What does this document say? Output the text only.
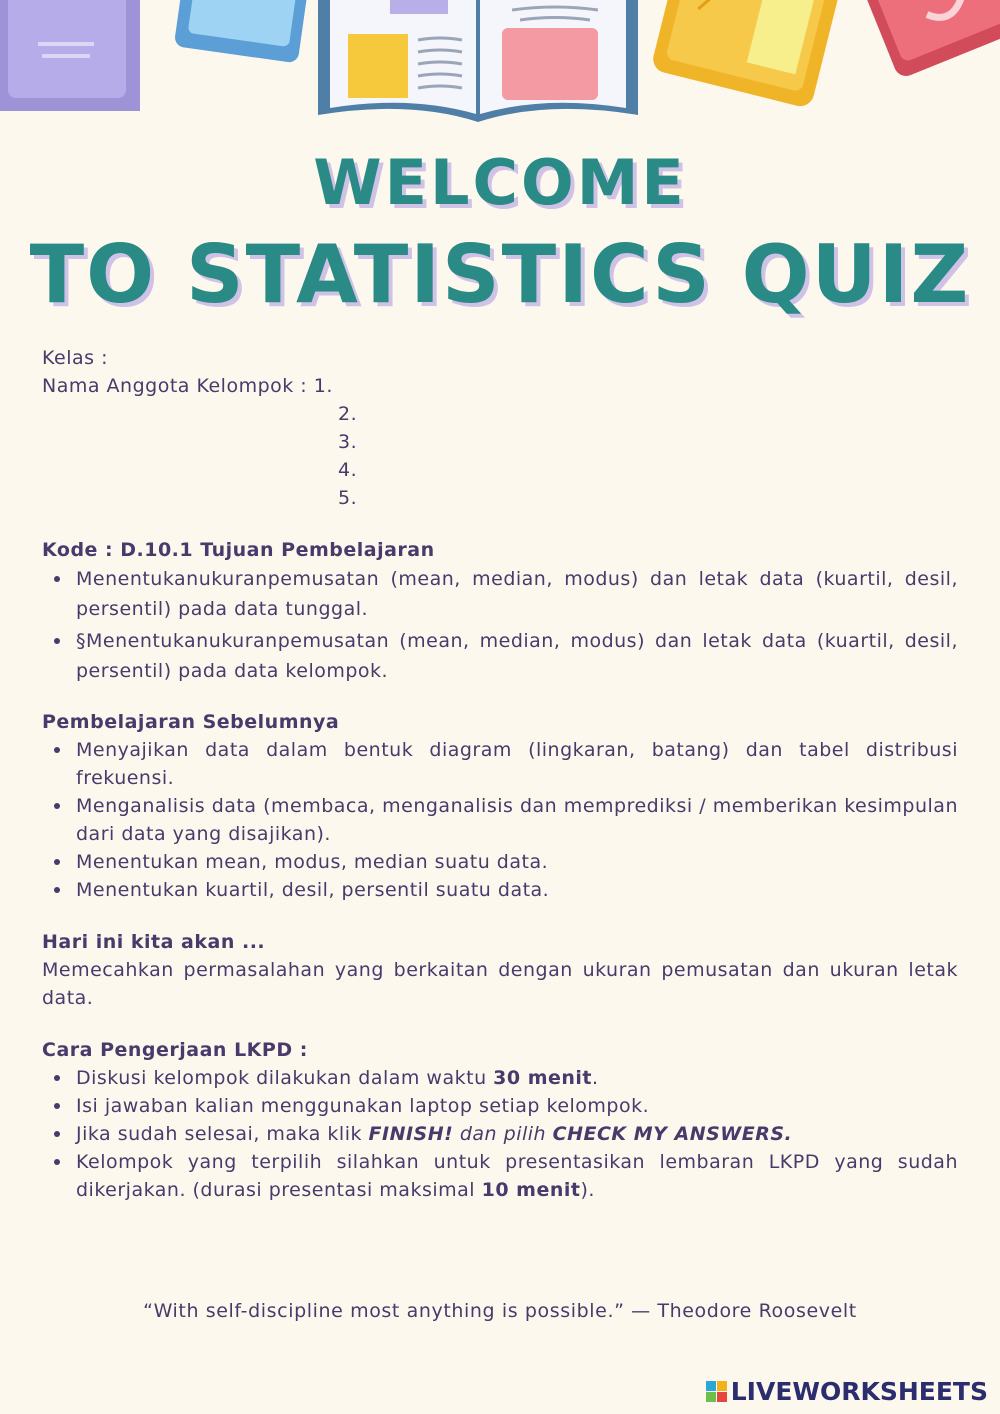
WELCOME
TO STATISTICS QUIZ
Kelas :
Nama Anggota Kelompok : 1.
2.
3.
4.
5.
Kode : D.10.1 Tujuan Pembelajaran
Menentukanukuranpemusatan (mean, median, modus) dan letak data (kuartil, desil, persentil) pada data tunggal.
§Menentukanukuranpemusatan (mean, median, modus) dan letak data (kuartil, desil, persentil) pada data kelompok.
Pembelajaran Sebelumnya
Menyajikan data dalam bentuk diagram (lingkaran, batang) dan tabel distribusi frekuensi.
Menganalisis data (membaca, menganalisis dan memprediksi / memberikan kesimpulan dari data yang disajikan).
Menentukan mean, modus, median suatu data.
Menentukan kuartil, desil, persentil suatu data.
Hari ini kita akan ...

Memecahkan permasalahan yang berkaitan dengan ukuran pemusatan dan ukuran letak data.

Cara Pengerjaan LKPD :
Diskusi kelompok dilakukan dalam waktu 30 menit.
Isi jawaban kalian menggunakan laptop setiap kelompok.
Jika sudah selesai, maka klik FINISH! dan pilih CHECK MY ANSWERS.
Kelompok yang terpilih silahkan untuk presentasikan lembaran LKPD yang sudah dikerjakan. (durasi presentasi maksimal 10 menit).
“With self-discipline most anything is possible.” — Theodore Roosevelt
LIVEWORKSHEETS
